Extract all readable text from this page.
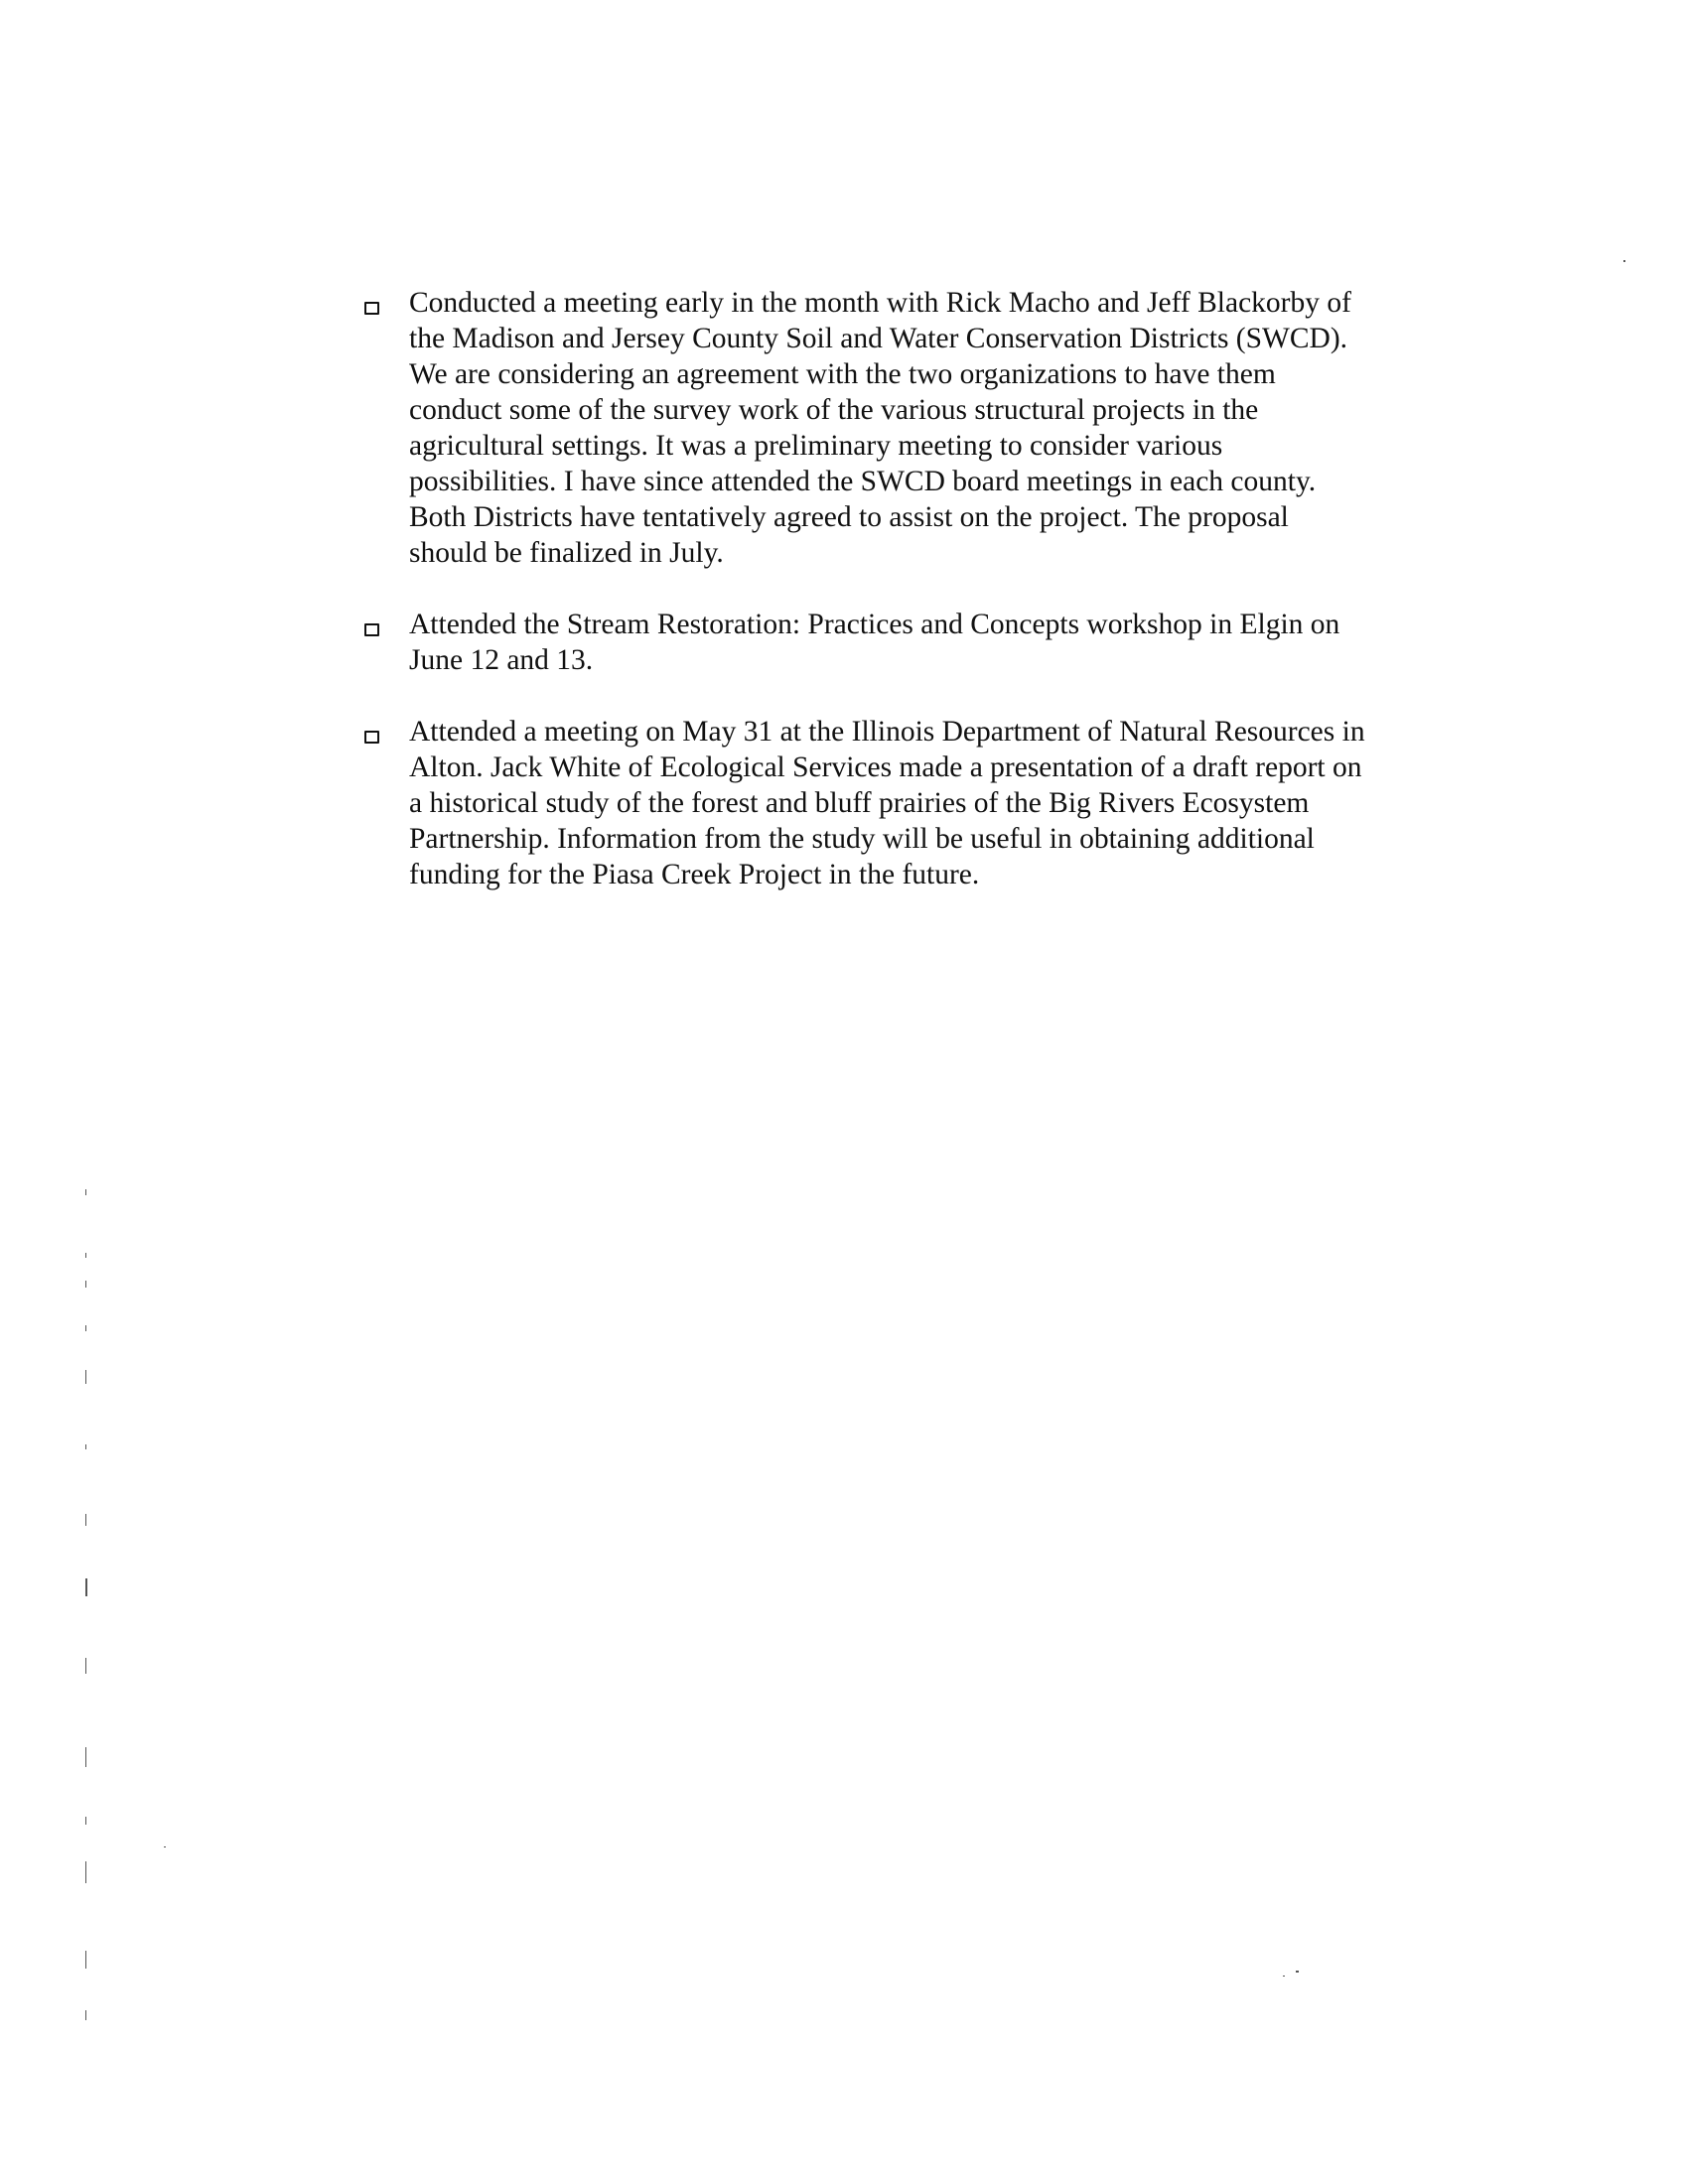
Conducted a meeting early in the month with Rick Macho and Jeff Blackorby of
the Madison and Jersey County Soil and Water Conservation Districts (SWCD).
We are considering an agreement with the two organizations to have them
conduct some of the survey work of the various structural projects in the
agricultural settings. It was a preliminary meeting to consider various
possibilities. I have since attended the SWCD board meetings in each county.
Both Districts have tentatively agreed to assist on the project. The proposal
should be finalized in July.
Attended the Stream Restoration: Practices and Concepts workshop in Elgin on
June 12 and 13.
Attended a meeting on May 31 at the Illinois Department of Natural Resources in
Alton. Jack White of Ecological Services made a presentation of a draft report on
a historical study of the forest and bluff prairies of the Big Rivers Ecosystem
Partnership. Information from the study will be useful in obtaining additional
funding for the Piasa Creek Project in the future.
